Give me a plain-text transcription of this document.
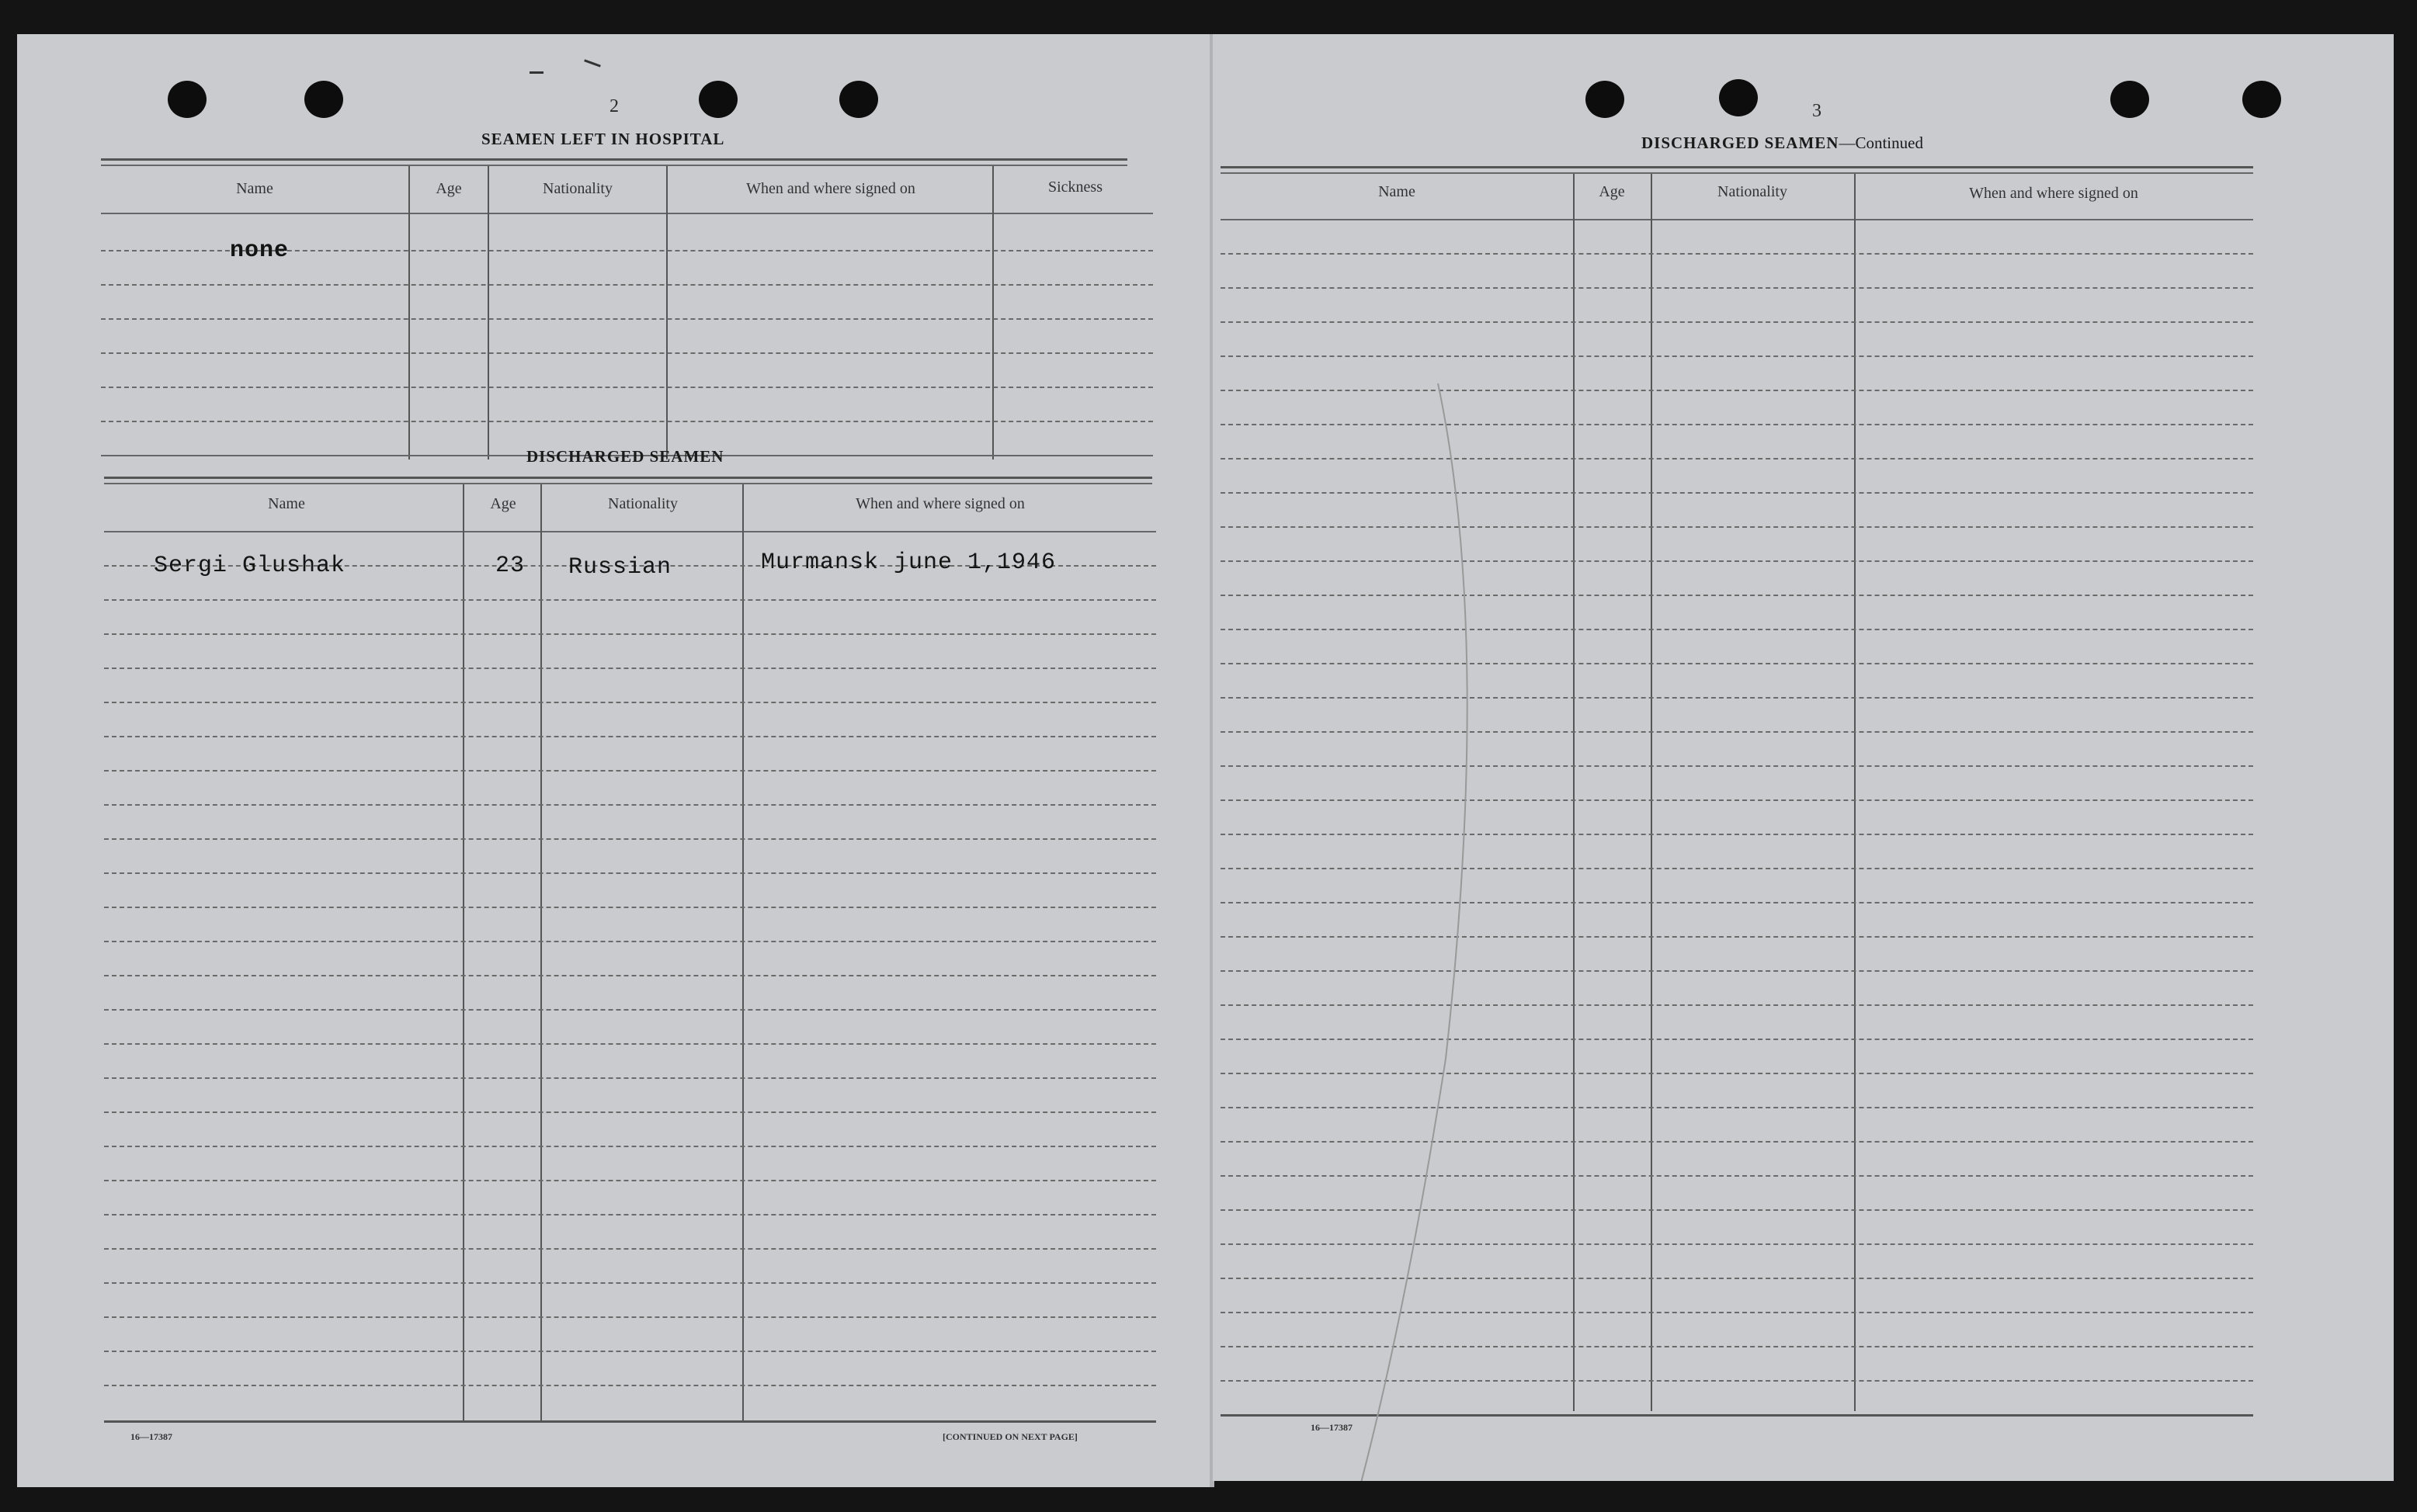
2
SEAMEN LEFT IN HOSPITAL
Name	Age	Nationality	When and where signed on	Sickness
none
DISCHARGED SEAMEN
Name	Age	Nationality	When and where signed on
Sergi Glushak	23 Russian	Murmansk june 1,1946
16—17387	[CONTINUED ON NEXT PAGE]
3
DISCHARGED SEAMEN—Continued
Name	Age	Nationality	When and where signed on
16—17387
